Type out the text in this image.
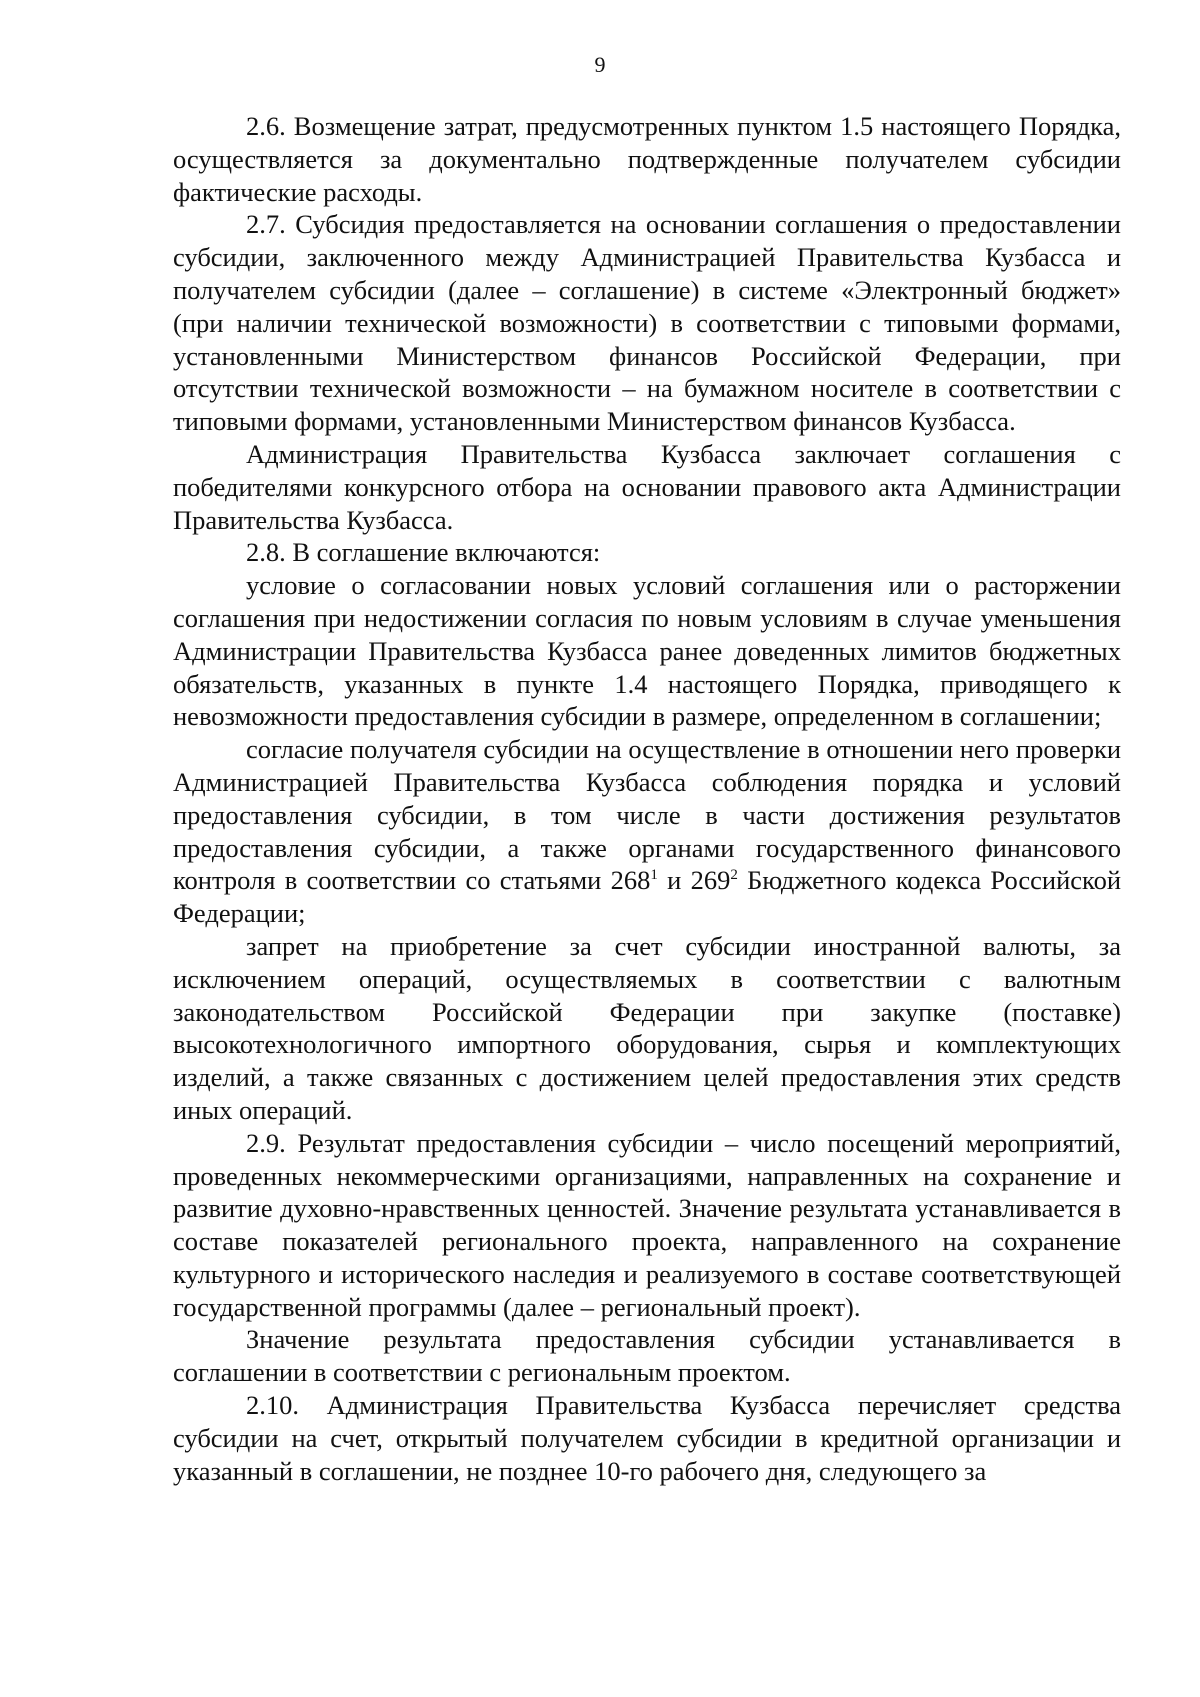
9

2.6. Возмещение затрат, предусмотренных пунктом 1.5 настоящего Порядка, осуществляется за документально подтвержденные получателем субсидии фактические расходы.

2.7. Субсидия предоставляется на основании соглашения о предоставлении субсидии, заключенного между Администрацией Правительства Кузбасса и получателем субсидии (далее – соглашение) в системе «Электронный бюджет» (при наличии технической возможности) в соответствии с типовыми формами, установленными Министерством финансов Российской Федерации, при отсутствии технической возможности – на бумажном носителе в соответствии с типовыми формами, установленными Министерством финансов Кузбасса.

Администрация Правительства Кузбасса заключает соглашения с победителями конкурсного отбора на основании правового акта Администрации Правительства Кузбасса.

2.8. В соглашение включаются:

условие о согласовании новых условий соглашения или о расторжении соглашения при недостижении согласия по новым условиям в случае уменьшения Администрации Правительства Кузбасса ранее доведенных лимитов бюджетных обязательств, указанных в пункте 1.4 настоящего Порядка, приводящего к невозможности предоставления субсидии в размере, определенном в соглашении;

согласие получателя субсидии на осуществление в отношении него проверки Администрацией Правительства Кузбасса соблюдения порядка и условий предоставления субсидии, в том числе в части достижения результатов предоставления субсидии, а также органами государственного финансового контроля в соответствии со статьями $268^1$ и $269^2$ Бюджетного кодекса Российской Федерации;

запрет на приобретение за счет субсидии иностранной валюты, за исключением операций, осуществляемых в соответствии с валютным законодательством Российской Федерации при закупке (поставке) высокотехнологичного импортного оборудования, сырья и комплектующих изделий, а также связанных с достижением целей предоставления этих средств иных операций.

2.9. Результат предоставления субсидии – число посещений мероприятий, проведенных некоммерческими организациями, направленных на сохранение и развитие духовно-нравственных ценностей. Значение результата устанавливается в составе показателей регионального проекта, направленного на сохранение культурного и исторического наследия и реализуемого в составе соответствующей государственной программы (далее – региональный проект).

Значение результата предоставления субсидии устанавливается в соглашении в соответствии с региональным проектом.

2.10. Администрация Правительства Кузбасса перечисляет средства субсидии на счет, открытый получателем субсидии в кредитной организации и указанный в соглашении, не позднее 10-го рабочего дня, следующего за
